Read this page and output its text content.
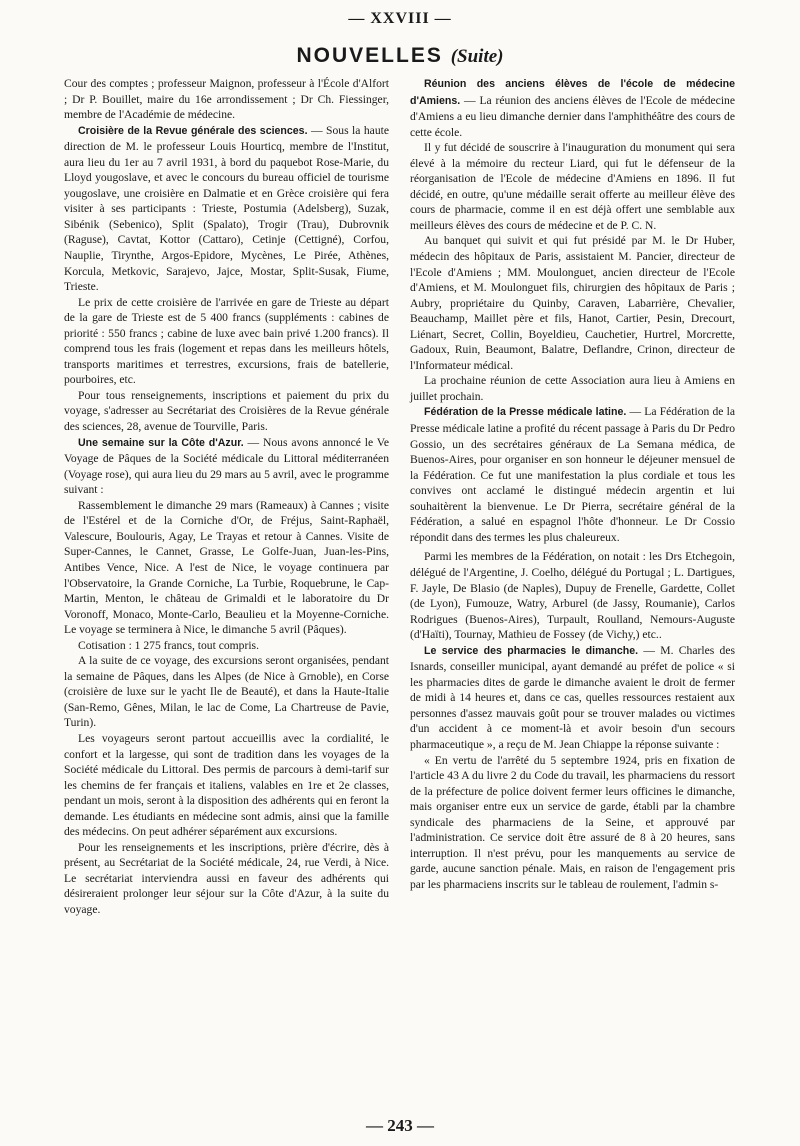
— XXVIII —
NOUVELLES (Suite)

Cour des comptes ; professeur Maignon, professeur à l'École d'Alfort ; Dr P. Bouillet, maire du 16e arrondissement ; Dr Ch. Fiessinger, membre de l'Académie de médecine.

Croisière de la Revue générale des sciences. — Sous la haute direction de M. le professeur Louis Hourticq, membre de l'Institut, aura lieu du 1er au 7 avril 1931, à bord du paquebot Rose-Marie, du Lloyd yougoslave, et avec le concours du bureau officiel de tourisme yougoslave, une croisière en Dalmatie et en Grèce croisière qui fera visiter à ses participants : Trieste, Postumia (Adelsberg), Suzak, Sibénik (Sebenico), Split (Spalato), Trogir (Trau), Dubrovnik (Raguse), Cavtat, Kottor (Cattaro), Cetinje (Cettigné), Corfou, Nauplie, Tirynthe, Argos-Epidore, Mycènes, Le Pirée, Athènes, Korcula, Metkovic, Sarajevo, Jajce, Mostar, Split-Susak, Fiume, Trieste.

Le prix de cette croisière de l'arrivée en gare de Trieste au départ de la gare de Trieste est de 5 400 francs (suppléments : cabines de priorité : 550 francs ; cabine de luxe avec bain privé 1.200 francs). Il comprend tous les frais (logement et repas dans les meilleurs hôtels, transports maritimes et terrestres, excursions, frais de batellerie, pourboires, etc.

Pour tous renseignements, inscriptions et paiement du prix du voyage, s'adresser au Secrétariat des Croisières de la Revue générale des sciences, 28, avenue de Tourville, Paris.

Une semaine sur la Côte d'Azur. — Nous avons annoncé le Ve Voyage de Pâques de la Société médicale du Littoral méditerranéen (Voyage rose), qui aura lieu du 29 mars au 5 avril, avec le programme suivant :

Rassemblement le dimanche 29 mars (Rameaux) à Cannes ; visite de l'Estérel et de la Corniche d'Or, de Fréjus, Saint-Raphaël, Valescure, Boulouris, Agay, Le Trayas et retour à Cannes. Visite de Super-Cannes, le Cannet, Grasse, Le Golfe-Juan, Juan-les-Pins, Antibes Vence, Nice. A l'est de Nice, le voyage continuera par l'Observatoire, la Grande Corniche, La Turbie, Roquebrune, le Cap-Martin, Menton, le château de Grimaldi et le laboratoire du Dr Voronoff, Monaco, Monte-Carlo, Beaulieu et la Moyenne-Corniche. Le voyage se terminera à Nice, le dimanche 5 avril (Pâques).

Cotisation : 1 275 francs, tout compris.

A la suite de ce voyage, des excursions seront organisées, pendant la semaine de Pâques, dans les Alpes (de Nice à Grnoble), en Corse (croisière de luxe sur le yacht Ile de Beauté), et dans la Haute-Italie (San-Remo, Gênes, Milan, le lac de Come, La Chartreuse de Pavie, Turin).

Les voyageurs seront partout accueillis avec la cordialité, le confort et la largesse, qui sont de tradition dans les voyages de la Société médicale du Littoral. Des permis de parcours à demi-tarif sur les chemins de fer français et italiens, valables en 1re et 2e classes, pendant un mois, seront à la disposition des adhérents qui en feront la demande. Les étudiants en médecine sont admis, ainsi que la famille des médecins. On peut adhérer séparément aux excursions.

Pour les renseignements et les inscriptions, prière d'écrire, dès à présent, au Secrétariat de la Société médicale, 24, rue Verdi, à Nice. Le secrétariat interviendra aussi en faveur des adhérents qui désireraient prolonger leur séjour sur la Côte d'Azur, à la suite du voyage.

Réunion des anciens élèves de l'école de médecine d'Amiens. — La réunion des anciens élèves de l'Ecole de médecine d'Amiens a eu lieu dimanche dernier dans l'amphithéâtre des cours de cette école.

Il y fut décidé de souscrire à l'inauguration du monument qui sera élevé à la mémoire du recteur Liard, qui fut le défenseur de la réorganisation de l'Ecole de médecine d'Amiens en 1896. Il fut décidé, en outre, qu'une médaille serait offerte au meilleur élève des cours de pharmacie, comme il en est déjà offert une semblable aux meilleurs élèves des cours de médecine et de P. C. N.

Au banquet qui suivit et qui fut présidé par M. le Dr Huber, médecin des hôpitaux de Paris, assistaient M. Pancier, directeur de l'Ecole d'Amiens ; MM. Moulonguet, ancien directeur de l'Ecole d'Amiens, et M. Moulonguet fils, chirurgien des hôpitaux de Paris ; Aubry, propriétaire du Quinby, Caraven, Labarrière, Chevalier, Beauchamp, Maillet père et fils, Hanot, Cartier, Pesin, Drecourt, Liénart, Secret, Collin, Boyeldieu, Cauchetier, Hurtrel, Morcrette, Gadoux, Ruin, Beaumont, Balatre, Deflandre, Crinon, directeur de l'Informateur médical.

La prochaine réunion de cette Association aura lieu à Amiens en juillet prochain.

Fédération de la Presse médicale latine. — La Fédération de la Presse médicale latine a profité du récent passage à Paris du Dr Pedro Gossio, un des secrétaires généraux de La Semana médica, de Buenos-Aires, pour organiser en son honneur le déjeuner mensuel de la Fédération. Ce fut une manifestation la plus cordiale et tous les convives ont acclamé le distingué médecin argentin et lui souhaitèrent la bienvenue. Le Dr Pierra, secrétaire général de la Fédération, a salué en espagnol l'hôte d'honneur. Le Dr Cossio répondit dans des termes les plus chaleureux.

Parmi les membres de la Fédération, on notait : les Drs Etchegoin, délégué de l'Argentine, J. Coelho, délégué du Portugal ; L. Dartigues, F. Jayle, De Blasio (de Naples), Dupuy de Frenelle, Gardette, Collet (de Lyon), Fumouze, Watry, Arburel (de Jassy, Roumanie), Carlos Rodrigues (Buenos-Aires), Turpault, Roulland, Nemours-Auguste (d'Haïti), Tournay, Mathieu de Fossey (de Vichy,) etc..

Le service des pharmacies le dimanche. — M. Charles des Isnards, conseiller municipal, ayant demandé au préfet de police « si les pharmacies dites de garde le dimanche avaient le droit de fermer de midi à 14 heures et, dans ce cas, quelles ressources restaient aux personnes d'assez mauvais goût pour se trouver malades ou victimes d'un accident à ce moment-là et avoir besoin d'un secours pharmaceutique », a reçu de M. Jean Chiappe la réponse suivante :

« En vertu de l'arrêté du 5 septembre 1924, pris en fixation de l'article 43 A du livre 2 du Code du travail, les pharmaciens du ressort de la préfecture de police doivent fermer leurs officines le dimanche, mais organiser entre eux un service de garde, établi par la chambre syndicale des pharmaciens de la Seine, et approuvé par l'administration. Ce service doit être assuré de 8 à 20 heures, sans interruption. Il n'est prévu, pour les manquements au service de garde, aucune sanction pénale. Mais, en raison de l'engagement pris par les pharmaciens inscrits sur le tableau de roulement, l'admin s-

— 243 —
